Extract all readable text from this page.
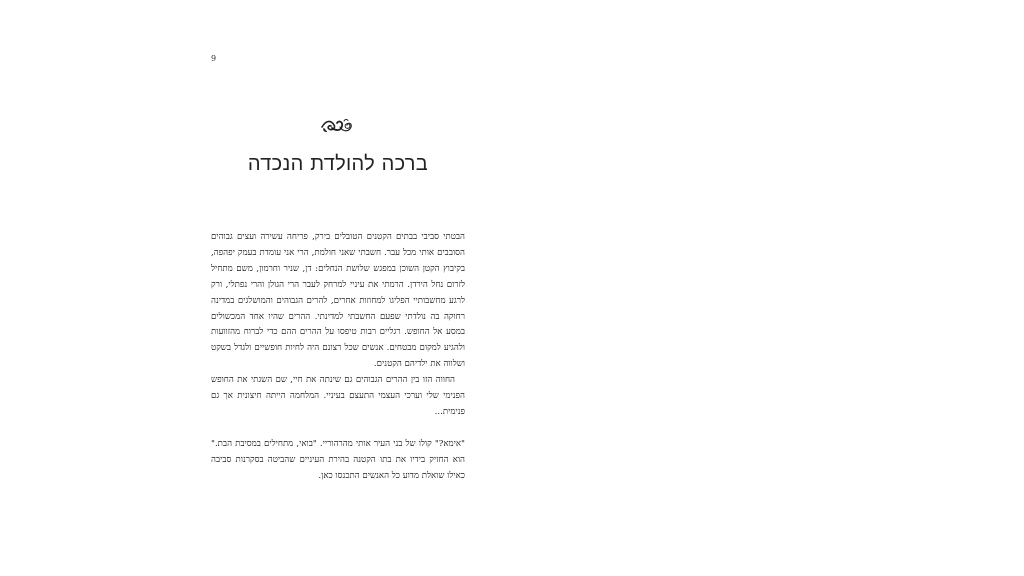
9
ברכה להולדת הנכדה

הבטתי סביבי בבתים הקטנים הטובלים בירק, פריחה עשירה ועצים גבוהים הסובבים אותי מכל עבר. חשבתי שאני חולמת, הרי אני עומדת בעמק יפהפה, בקיבוץ הקטן השוכן במפגש שלושת הנחלים: דן, שניר וחרמון, משם מתחיל לזרום נחל הירדן. הרמתי את עיניי למרחק לעבר הרי הגולן והרי נפתלי, ורק לרגע מחשבותיי הפליגו למחוזות אחרים, להרים הגבוהים והמושלגים במדינה רחוקה בה נולדתי שפעם החשבתי למדינתי. ההרים שהיו אחד המכשולים במסע אל החופש. רגליים רבות טיפסו על ההרים ההם כדי לברוח מהזוועות ולהגיע למקום מבטחים. אנשים שכל רצונם היה לחיות חופשיים ולגדל בשקט ושלווה את ילדיהם הקטנים.

החווה הזו בין ההרים הגבוהים גם שינתה את חיי, שם השגתי את החופש הפנימי שלי וערכי העצמי התעצם בעיניי. המלחמה הייתה חיצונית אך גם פנימית...

"אימא?" קולו של בני העיר אותי מהרהוריי. "בואי, מתחילים במסיבת הבת." הוא החזיק בידיו את בתו הקטנה בהירת העיניים שהביטה בסקרנות סביבה כאילו שואלת מדוע כל האנשים התכנסו כאן.
